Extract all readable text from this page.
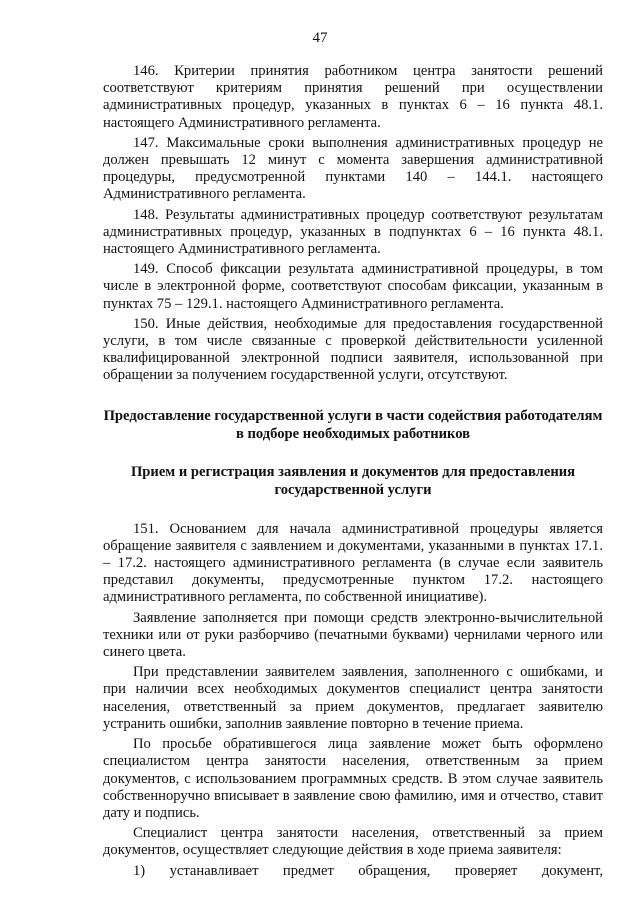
47

146. Критерии принятия работником центра занятости решений соответствуют критериям принятия решений при осуществлении административных процедур, указанных в пунктах 6 – 16 пункта 48.1. настоящего Административного регламента.

147. Максимальные сроки выполнения административных процедур не должен превышать 12 минут с момента завершения административной процедуры, предусмотренной пунктами 140 – 144.1. настоящего Административного регламента.

148. Результаты административных процедур соответствуют результатам административных процедур, указанных в подпунктах 6 – 16 пункта 48.1. настоящего Административного регламента.

149. Способ фиксации результата административной процедуры, в том числе в электронной форме, соответствуют способам фиксации, указанным в пунктах 75 – 129.1. настоящего Административного регламента.

150. Иные действия, необходимые для предоставления государственной услуги, в том числе связанные с проверкой действительности усиленной квалифицированной электронной подписи заявителя, использованной при обращении за получением государственной услуги, отсутствуют.

Предоставление государственной услуги в части содействия работодателям в подборе необходимых работников
Прием и регистрация заявления и документов для предоставления государственной услуги

151. Основанием для начала административной процедуры является обращение заявителя с заявлением и документами, указанными в пунктах 17.1. – 17.2. настоящего административного регламента (в случае если заявитель представил документы, предусмотренные пунктом 17.2. настоящего административного регламента, по собственной инициативе).

Заявление заполняется при помощи средств электронно-вычислительной техники или от руки разборчиво (печатными буквами) чернилами черного или синего цвета.

При представлении заявителем заявления, заполненного с ошибками, и при наличии всех необходимых документов специалист центра занятости населения, ответственный за прием документов, предлагает заявителю устранить ошибки, заполнив заявление повторно в течение приема.

По просьбе обратившегося лица заявление может быть оформлено специалистом центра занятости населения, ответственным за прием документов, с использованием программных средств. В этом случае заявитель собственноручно вписывает в заявление свою фамилию, имя и отчество, ставит дату и подпись.

Специалист центра занятости населения, ответственный за прием документов, осуществляет следующие действия в ходе приема заявителя:

1) устанавливает предмет обращения, проверяет документ,
